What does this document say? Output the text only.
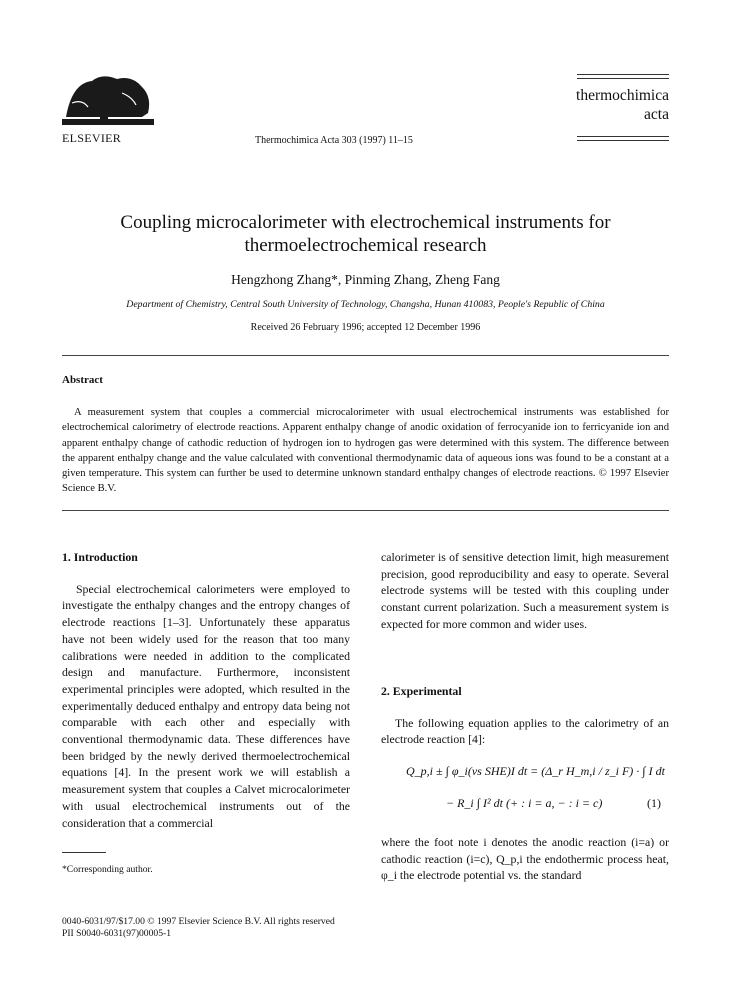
ELSEVIER	Thermochimica Acta 303 (1997) 11–15
thermochimica
acta
Coupling microcalorimeter with electrochemical instruments for
thermoelectrochemical research
Hengzhong Zhang*, Pinming Zhang, Zheng Fang
Department of Chemistry, Central South University of Technology, Changsha, Hunan 410083, People's Republic of China
Received 26 February 1996; accepted 12 December 1996
Abstract
A measurement system that couples a commercial microcalorimeter with usual electrochemical instruments was established for electrochemical calorimetry of electrode reactions. Apparent enthalpy change of anodic oxidation of ferrocyanide ion to ferricyanide ion and apparent enthalpy change of cathodic reduction of hydrogen ion to hydrogen gas were determined with this system. The difference between the apparent enthalpy change and the value calculated with conventional thermodynamic data of aqueous ions was found to be a constant at a given temperature. This system can further be used to determine unknown standard enthalpy changes of electrode reactions. © 1997 Elsevier Science B.V.

1. Introduction

Special electrochemical calorimeters were employed to investigate the enthalpy changes and the entropy changes of electrode reactions [1–3]. Unfortunately these apparatus have not been widely used for the reason that too many calibrations were needed in addition to the complicated design and manufacture. Furthermore, inconsistent experimental principles were adopted, which resulted in the experimentally deduced enthalpy and entropy data being not comparable with each other and especially with conventional thermodynamic data. These differences have been bridged by the newly derived thermoelectrochemical equations [4]. In the present work we will establish a measurement system that couples a Calvet microcalorimeter with usual electrochemical instruments out of the consideration that a commercial

*Corresponding author.
0040-6031/97/$17.00 © 1997 Elsevier Science B.V. All rights reserved
PII S0040-6031(97)00005-1

calorimeter is of sensitive detection limit, high measurement precision, good reproducibility and easy to operate. Several electrode systems will be tested with this coupling under constant current polarization. Such a measurement system is expected for more common and wider uses.

2. Experimental

The following equation applies to the calorimetry of an electrode reaction [4]:

Q_p,i ± ∫ φ_i(vs SHE)I dt = (Δ_r H_m,i / z_i F) · ∫ I dt
− R_i ∫ I² dt (+ : i = a, − : i = c)	(1)

where the foot note i denotes the anodic reaction (i=a) or cathodic reaction (i=c), Q_p,i the endothermic process heat, φ_i the electrode potential vs. the standard
